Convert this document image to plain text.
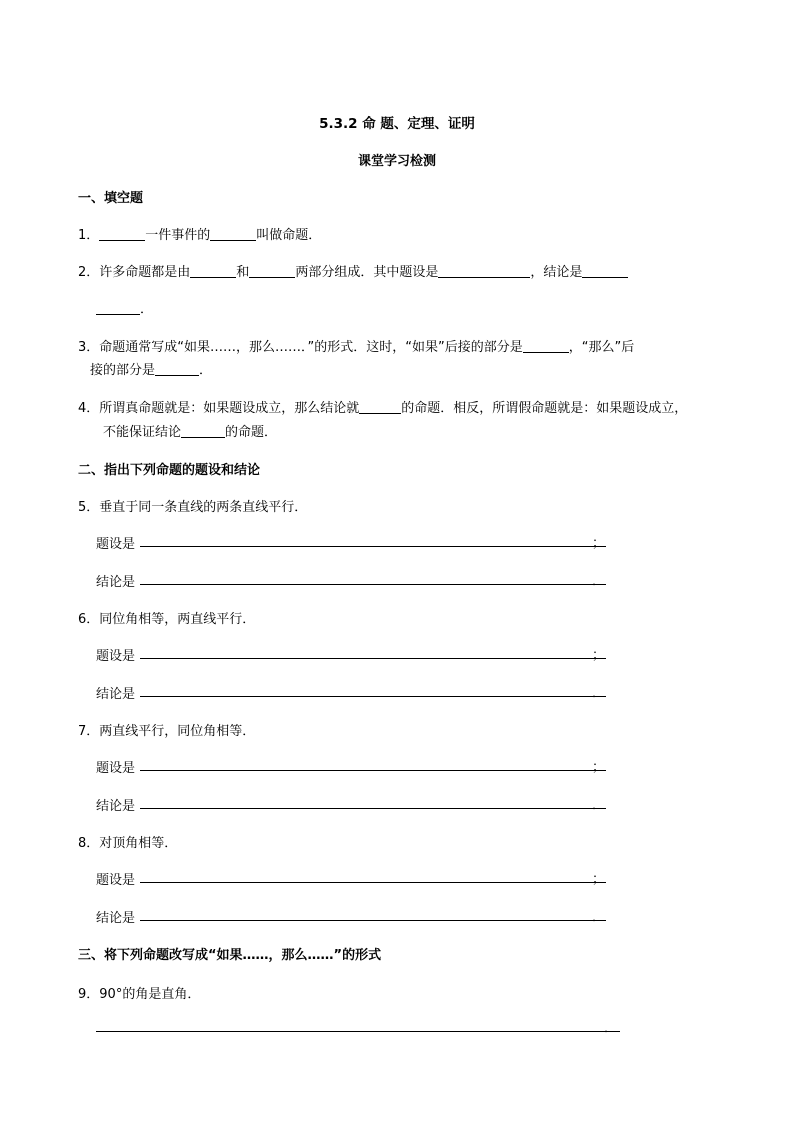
5.3.2 命 题、定理、证明
课堂学习检测
一、填空题
1．	一件事件的	叫做命题．
2．许多命题都是由	和	两部分组成．其中题设是	，结论是
．
3．命题通常写成“如果……，那么……．”的形式．这时，“如果”后接的部分是	，“那么”后
接的部分是	．
4．所谓真命题就是：如果题设成立，那么结论就	的命题．相反，所谓假命题就是：如果题设成立，
不能保证结论	的命题．
二、指出下列命题的题设和结论
5．垂直于同一条直线的两条直线平行．
题设是	；
结论是	．
6．同位角相等，两直线平行．
题设是	；
结论是	．
7．两直线平行，同位角相等．
题设是	；
结论是	．
8．对顶角相等．
题设是	；
结论是	．
三、将下列命题改写成“如果……，那么……”的形式
9．90°的角是直角．
．
